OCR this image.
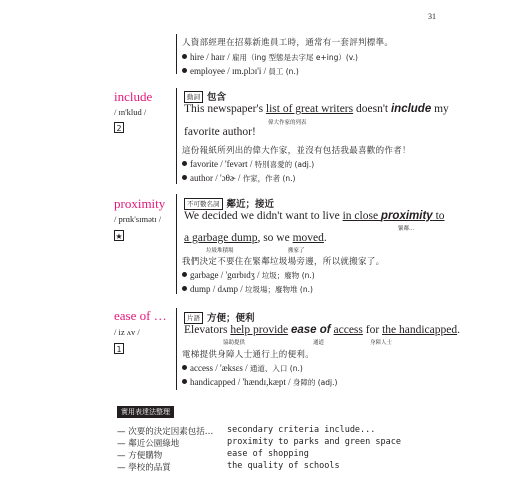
31
人資部經理在招募新進員工時，通常有一套評判標準。
hire / haɪr / 雇用（ing 型態是去字尾 e+ing）(v.)
employee / ɪm.plɔɪ'i / 員工 (n.)
include
/ ɪn'klud /
2
動詞 包含
This newspaper's list of great writers doesn't include my
偉大作家的列表
favorite author!
這份報紙所列出的偉大作家，並沒有包括我最喜歡的作者！
favorite / 'fevərt / 特別喜愛的 (adj.)
author / 'ɔθɚ / 作家，作者 (n.)
proximity
/ prɑk'sɪmətɪ /
★
不可數名詞 鄰近；接近
We decided we didn't want to live in close proximity to
緊鄰…
a garbage dump, so we moved.
垃圾堆積場	搬家了
我們決定不要住在緊鄰垃圾場旁邊，所以就搬家了。
garbage / 'gɑrbɪdʒ / 垃圾；廢物 (n.)
dump / dʌmp / 垃圾場；廢物堆 (n.)
ease of …
/ iz ʌv /
1
片語 方便；便利
Elevators help provide ease of access for the handicapped.
協助提供	通道	身障人士
電梯提供身障人士通行上的便利。
access / 'æksɛs / 通道、入口 (n.)
handicapped / 'hændɪ,kæpt / 身障的 (adj.)
實用表達法整理
— 次要的決定因素包括… secondary criteria include...
— 鄰近公園綠地	proximity to parks and green space
— 方便購物	ease of shopping
— 學校的品質	the quality of schools
